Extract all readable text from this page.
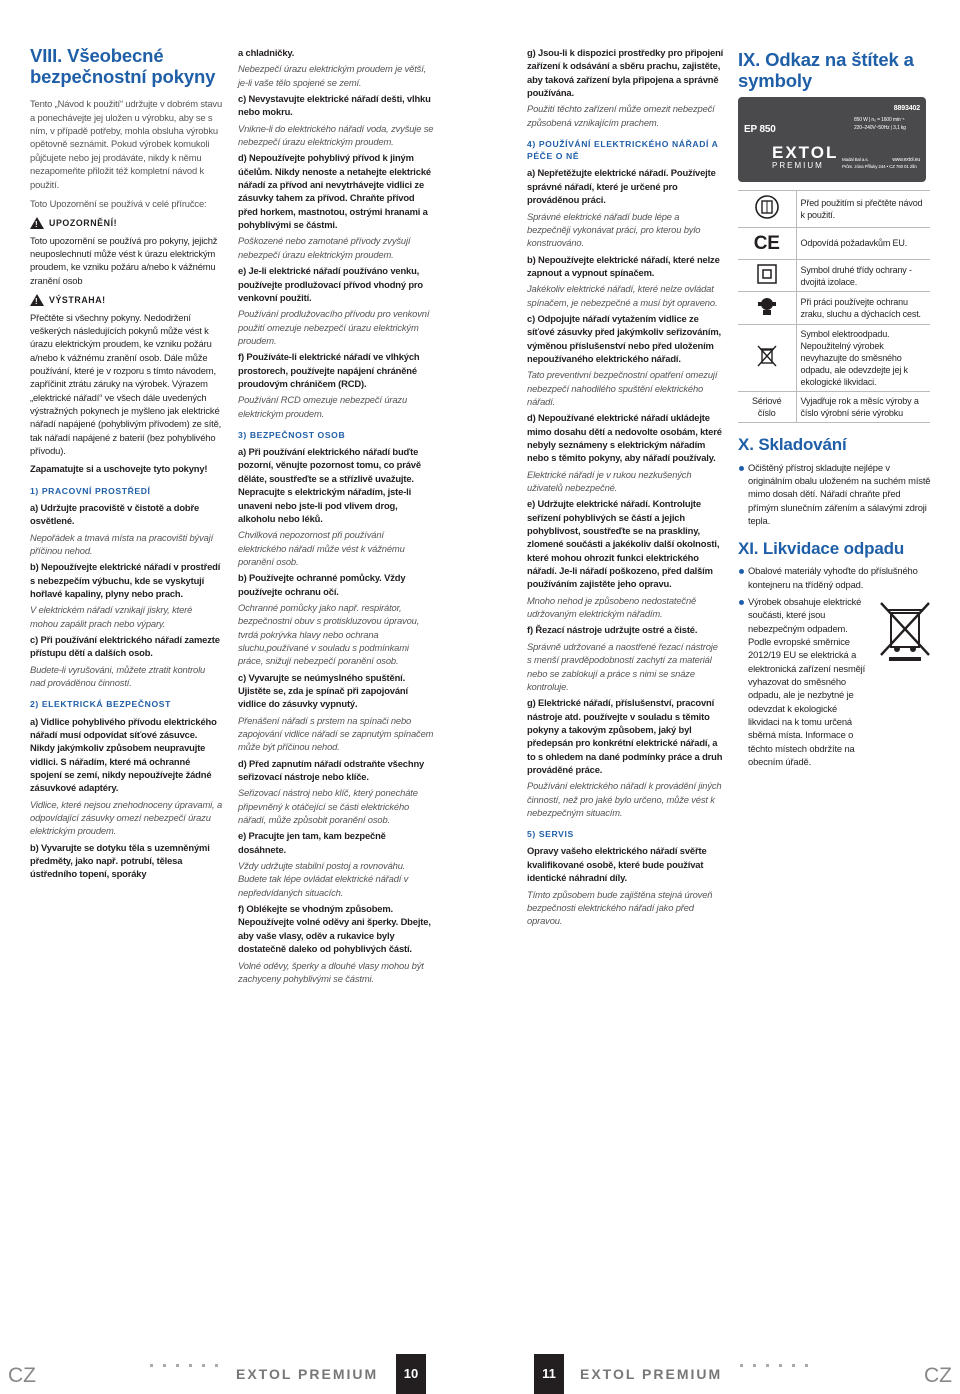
VIII. Všeobecné bezpečnostní pokyny

Tento „Návod k použití“ udržujte v dobrém stavu a ponechávejte jej uložen u výrobku, aby se s ním, v případě potřeby, mohla obsluha výrobku opětovně seznámit. Pokud výrobek komukoli půjčujete nebo jej prodáváte, nikdy k němu nezapomeňte přiložit též kompletní návod k použití.

Toto Upozornění se používá v celé příručce:

!
UPOZORNĚNÍ!

Toto upozornění se používá pro pokyny, jejichž neuposlechnutí může vést k úrazu elektrickým proudem, ke vzniku požáru a/nebo k vážnému zranění osob

!
VÝSTRAHA!

Přečtěte si všechny pokyny. Nedodržení veškerých následujících pokynů může vést k úrazu elektrickým proudem, ke vzniku požáru a/nebo k vážnému zranění osob. Dále může používání, které je v rozporu s tímto návodem, zapříčinit ztrátu záruky na výrobek. Výrazem „elektrické nářadí“ ve všech dále uvedených výstražných pokynech je myšleno jak elektrické nářadí napájené (pohyblivým přívodem) ze sítě, tak nářadí napájené z baterií (bez pohyblivého přívodu).

Zapamatujte si a uschovejte tyto pokyny!

1) PRACOVNÍ PROSTŘEDÍ

a) Udržujte pracoviště v čistotě a dobře osvětlené.

Nepořádek a tmavá místa na pracovišti bývají příčinou nehod.

b) Nepoužívejte elektrické nářadí v prostředí s nebezpečím výbuchu, kde se vyskytují hořlavé kapaliny, plyny nebo prach.

V elektrickém nářadí vznikají jiskry, které mohou zapálit prach nebo výpary.

c) Při používání elektrického nářadí zamezte přístupu dětí a dalších osob.

Budete-li vyrušováni, můžete ztratit kontrolu nad prováděnou činností.

2) ELEKTRICKÁ BEZPEČNOST

a) Vidlice pohyblivého přívodu elektrického nářadí musí odpovídat síťové zásuvce. Nikdy jakýmkoliv způsobem neupravujte vidlici. S nářadím, které má ochranné spojení se zemí, nikdy nepoužívejte žádné zásuvkové adaptéry.

Vidlice, které nejsou znehodnoceny úpravami, a odpovídající zásuvky omezí nebezpečí úrazu elektrickým proudem.

b) Vyvarujte se dotyku těla s uzemněnými předměty, jako např. potrubí, tělesa ústředního topení, sporáky

a chladničky.

Nebezpečí úrazu elektrickým proudem je větší, je-li vaše tělo spojené se zemí.

c) Nevystavujte elektrické nářadí dešti, vlhku nebo mokru.

Vnikne-li do elektrického nářadí voda, zvyšuje se nebezpečí úrazu elektrickým proudem.

d) Nepoužívejte pohyblivý přívod k jiným účelům. Nikdy nenoste a netahejte elektrické nářadí za přívod ani nevytrhávejte vidlici ze zásuvky tahem za přívod. Chraňte přívod před horkem, mastnotou, ostrými hranami a pohyblivými se částmi.

Poškozené nebo zamotané přívody zvyšují nebezpečí úrazu elektrickým proudem.

e) Je-li elektrické nářadí používáno venku, používejte prodlužovací přívod vhodný pro venkovní použití.

Používání prodlužovacího přívodu pro venkovní použití omezuje nebezpečí úrazu elektrickým proudem.

f) Používáte-li elektrické nářadí ve vlhkých prostorech, používejte napájení chráněné proudovým chráničem (RCD).

Používání RCD omezuje nebezpečí úrazu elektrickým proudem.

3) BEZPEČNOST OSOB

a) Při používání elektrického nářadí buďte pozorní, věnujte pozornost tomu, co právě děláte, soustřeďte se a střízlivě uvažujte. Nepracujte s elektrickým nářadím, jste-li unaveni nebo jste-li pod vlivem drog, alkoholu nebo léků.

Chvilková nepozornost při používání elektrického nářadí může vést k vážnému poranění osob.

b) Používejte ochranné pomůcky. Vždy používejte ochranu očí.

Ochranné pomůcky jako např. respirátor, bezpečnostní obuv s protiskluzovou úpravou, tvrdá pokrývka hlavy nebo ochrana sluchu,používané v souladu s podmínkami práce, snižují nebezpečí poranění osob.

c) Vyvarujte se neúmyslného spuštění. Ujistěte se, zda je spínač při zapojování vidlice do zásuvky vypnutý.

Přenášení nářadí s prstem na spínači nebo zapojování vidlice nářadí se zapnutým spínačem může být příčinou nehod.

d) Před zapnutím nářadí odstraňte všechny seřizovací nástroje nebo klíče.

Seřizovací nástroj nebo klíč, který ponecháte připevněný k otáčející se části elektrického nářadí, může způsobit poranění osob.

e) Pracujte jen tam, kam bezpečně dosáhnete.

Vždy udržujte stabilní postoj a rovnováhu. Budete tak lépe ovládat elektrické nářadí v nepředvídaných situacích.

f) Oblékejte se vhodným způsobem. Nepoužívejte volné oděvy ani šperky. Dbejte, aby vaše vlasy, oděv a rukavice byly dostatečně daleko od pohyblivých částí.

Volné oděvy, šperky a dlouhé vlasy mohou být zachyceny pohyblivými se částmi.

g) Jsou-li k dispozici prostředky pro připojení zařízení k odsávání a sběru prachu, zajistěte, aby taková zařízení byla připojena a správně používána.

Použití těchto zařízení může omezit nebezpečí způsobená vznikajícím prachem.

4) POUŽÍVÁNÍ ELEKTRICKÉHO NÁŘADÍ A PÉČE O NĚ

a) Nepřetěžujte elektrické nářadí. Používejte správné nářadí, které je určené pro prováděnou práci.

Správné elektrické nářadí bude lépe a bezpečněji vykonávat práci, pro kterou bylo konstruováno.

b) Nepoužívejte elektrické nářadí, které nelze zapnout a vypnout spínačem.

Jakékoliv elektrické nářadí, které nelze ovládat spínačem, je nebezpečné a musí být opraveno.

c) Odpojujte nářadí vytažením vidlice ze síťové zásuvky před jakýmkoliv seřizováním, výměnou příslušenství nebo před uložením nepoužívaného elektrického nářadí.

Tato preventivní bezpečnostní opatření omezují nebezpečí nahodilého spuštění elektrického nářadí.

d) Nepoužívané elektrické nářadí ukládejte mimo dosahu dětí a nedovolte osobám, které nebyly seznámeny s elektrickým nářadím nebo s těmito pokyny, aby nářadí používaly.

Elektrické nářadí je v rukou nezkušených uživatelů nebezpečné.

e) Udržujte elektrické nářadí. Kontrolujte seřízení pohyblivých se částí a jejich pohyblivost, soustřeďte se na praskliny, zlomené součásti a jakékoliv další okolnosti, které mohou ohrozit funkci elektrického nářadí. Je-li nářadí poškozeno, před dalším používáním zajistěte jeho opravu.

Mnoho nehod je způsobeno nedostatečně udržovaným elektrickým nářadím.

f) Řezací nástroje udržujte ostré a čisté.

Správně udržované a naostřené řezací nástroje s menší pravděpodobností zachytí za materiál nebo se zablokují a práce s nimi se snáze kontroluje.

g) Elektrické nářadí, příslušenství, pracovní nástroje atd. používejte v souladu s těmito pokyny a takovým způsobem, jaký byl předepsán pro konkrétní elektrické nářadí, a to s ohledem na dané podmínky práce a druh prováděné práce.

Používání elektrického nářadí k provádění jiných činností, než pro jaké bylo určeno, může vést k nebezpečným situacím.

5) SERVIS

Opravy vašeho elektrického nářadí svěřte kvalifikované osobě, které bude používat identické náhradní díly.

Tímto způsobem bude zajištěna stejná úroveň bezpečnosti elektrického nářadí jako před opravou.

IX. Odkaz na štítek a symboly
8893402
EP 850
850 W | n₀ = 1600 min⁻¹
220–240V~50Hz | 3,1 kg
EXTOL
PREMIUM
Madal Bal a.s.
Prům. zóna Příluky 244 • CZ 760 01 Zlín
www.extol.eu
	Před použitím si přečtěte návod k použití.
CE	Odpovídá požadavkům EU.
	Symbol druhé třídy ochrany - dvojitá izolace.
	Při práci používejte ochranu zraku, sluchu a dýchacích cest.
	Symbol elektroodpadu. Nepoužitelný výrobek nevyhazujte do směsného odpadu, ale odevzdejte jej k ekologické likvidaci.
Sériové číslo	Vyjadřuje rok a měsíc výroby a číslo výrobní série výrobku
X. Skladování

Očištěný přístroj skladujte nejlépe v originálním obalu uloženém na suchém místě mimo dosah dětí. Nářadí chraňte před přímým slunečním zářením a sálavými zdroji tepla.

XI. Likvidace odpadu

Obalové materiály vyhoďte do příslušného kontejneru na tříděný odpad.

Výrobek obsahuje elektrické součásti, které jsou nebezpečným odpadem. Podle evropské směrnice 2012/19 EU se elektrická a elektronická zařízení nesmějí vyhazovat do směsného odpadu, ale je nezbytné je odevzdat k ekologické likvidaci na k tomu určená sběrná místa. Informace o těchto místech obdržíte na obecním úřadě.

CZ	EXTOL PREMIUM	10	11	EXTOL PREMIUM	CZ
